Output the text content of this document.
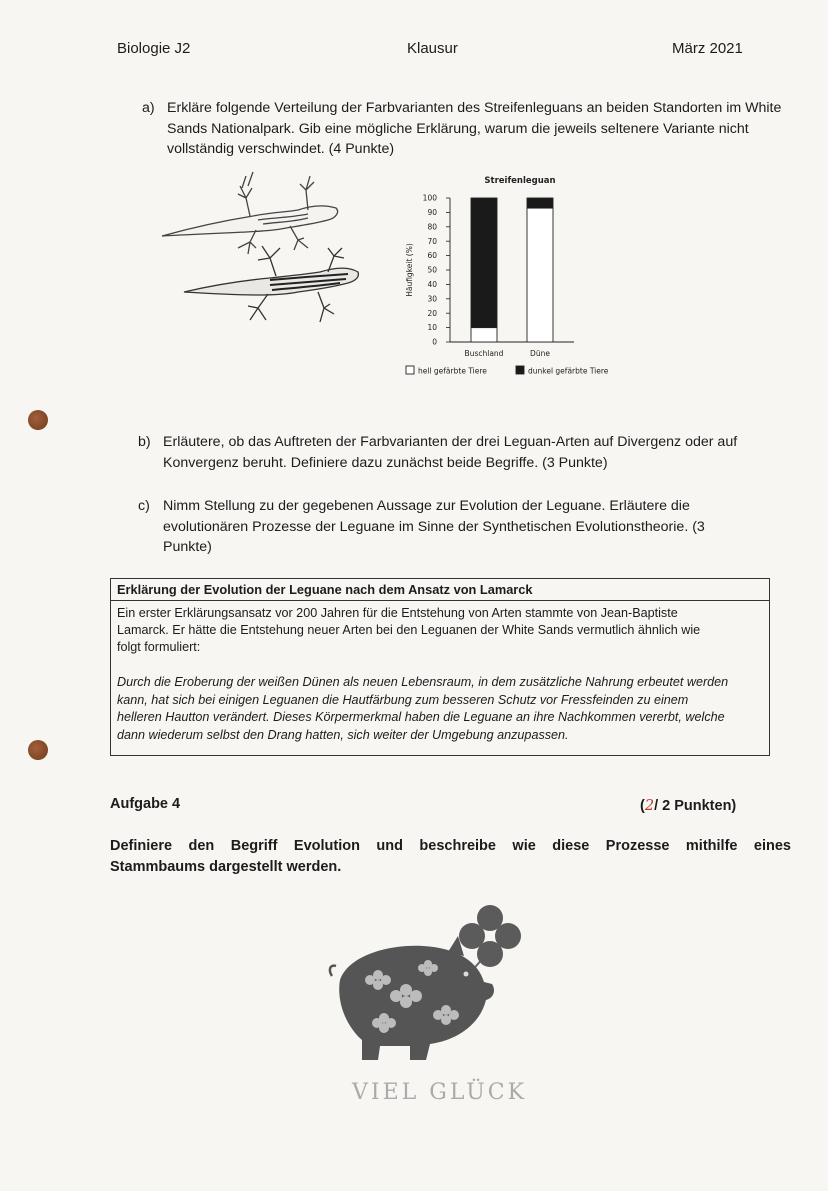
Biologie J2	Klausur	März 2021
a) Erkläre folgende Verteilung der Farbvarianten des Streifenleguans an beiden Standorten im White Sands Nationalpark. Gib eine mögliche Erklärung, warum die jeweils seltenere Variante nicht vollständig verschwindet. (4 Punkte)
Streifenleguan
Häufigkeit (%)
0
10
20
30
40
50
60
70
80
90
100
Buschland	Düne
hell gefärbte Tiere	dunkel gefärbte Tiere
b) Erläutere, ob das Auftreten der Farbvarianten der drei Leguan-Arten auf Divergenz oder auf Konvergenz beruht. Definiere dazu zunächst beide Begriffe. (3 Punkte)
c) Nimm Stellung zu der gegebenen Aussage zur Evolution der Leguane. Erläutere die evolutionären Prozesse der Leguane im Sinne der Synthetischen Evolutionstheorie. (3 Punkte)
Erklärung der Evolution der Leguane nach dem Ansatz von Lamarck
Ein erster Erklärungsansatz vor 200 Jahren für die Entstehung von Arten stammte von Jean-Baptiste
Lamarck. Er hätte die Entstehung neuer Arten bei den Leguanen der White Sands vermutlich ähnlich wie
folgt formuliert:
Durch die Eroberung der weißen Dünen als neuen Lebensraum, in dem zusätzliche Nahrung erbeutet werden
kann, hat sich bei einigen Leguanen die Hautfärbung zum besseren Schutz vor Fressfeinden zu einem
helleren Hautton verändert. Dieses Körpermerkmal haben die Leguane an ihre Nachkommen vererbt, welche
dann wiederum selbst den Drang hatten, sich weiter der Umgebung anzupassen.
Aufgabe 4	(2/ 2 Punkten)
Definiere den Begriff Evolution und beschreibe wie diese Prozesse mithilfe eines
Stammbaums dargestellt werden.
VIEL GLÜCK
